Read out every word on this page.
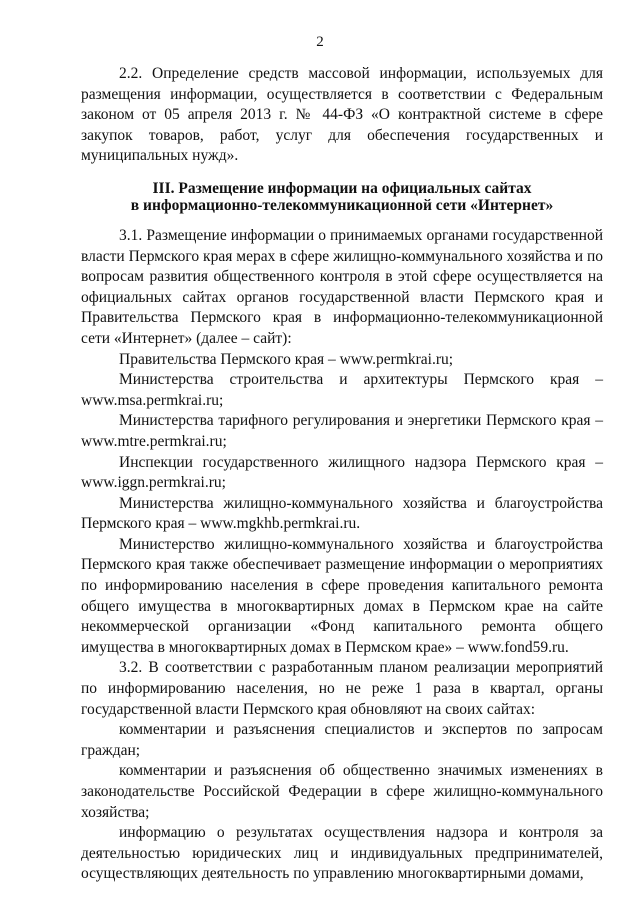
2

2.2. Определение средств массовой информации, используемых для размещения информации, осуществляется в соответствии с Федеральным законом от 05 апреля 2013 г. № 44-ФЗ «О контрактной системе в сфере закупок товаров, работ, услуг для обеспечения государственных и муниципальных нужд».

III. Размещение информации на официальных сайтах
в информационно-телекоммуникационной сети «Интернет»

3.1. Размещение информации о принимаемых органами государственной власти Пермского края мерах в сфере жилищно-коммунального хозяйства и по вопросам развития общественного контроля в этой сфере осуществляется на официальных сайтах органов государственной власти Пермского края и Правительства Пермского края в информационно-телекоммуникационной сети «Интернет» (далее – сайт):

Правительства Пермского края – www.permkrai.ru;

Министерства строительства и архитектуры Пермского края – www.msa.permkrai.ru;

Министерства тарифного регулирования и энергетики Пермского края – www.mtre.permkrai.ru;

Инспекции государственного жилищного надзора Пермского края – www.iggn.permkrai.ru;

Министерства жилищно-коммунального хозяйства и благоустройства Пермского края – www.mgkhb.permkrai.ru.

Министерство жилищно-коммунального хозяйства и благоустройства Пермского края также обеспечивает размещение информации о мероприятиях по информированию населения в сфере проведения капитального ремонта общего имущества в многоквартирных домах в Пермском крае на сайте некоммерческой организации «Фонд капитального ремонта общего имущества в многоквартирных домах в Пермском крае» – www.fond59.ru.

3.2. В соответствии с разработанным планом реализации мероприятий по информированию населения, но не реже 1 раза в квартал, органы государственной власти Пермского края обновляют на своих сайтах:

комментарии и разъяснения специалистов и экспертов по запросам граждан;

комментарии и разъяснения об общественно значимых изменениях в законодательстве Российской Федерации в сфере жилищно-коммунального хозяйства;

информацию о результатах осуществления надзора и контроля за деятельностью юридических лиц и индивидуальных предпринимателей, осуществляющих деятельность по управлению многоквартирными домами,
